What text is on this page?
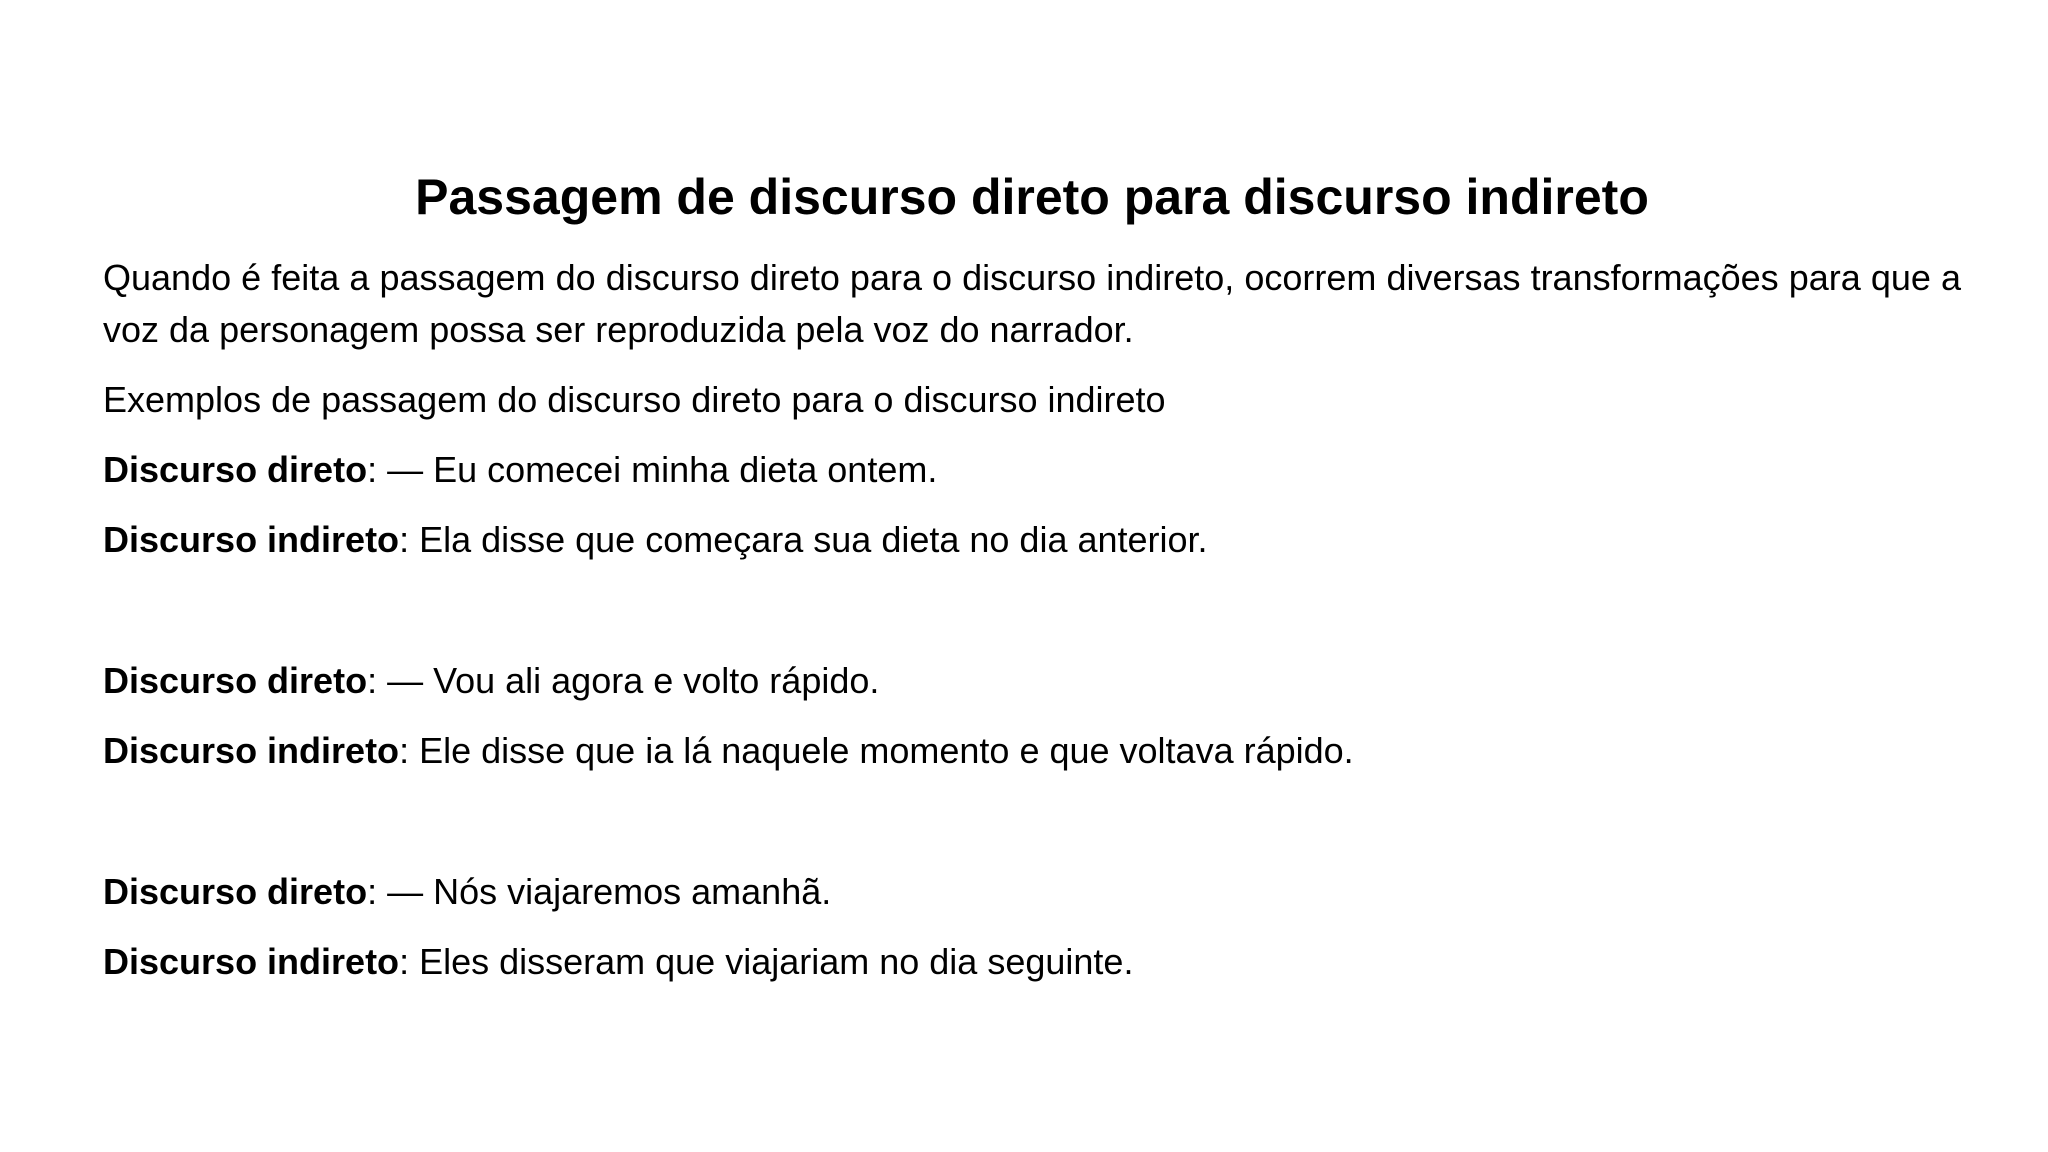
Passagem de discurso direto para discurso indireto

Quando é feita a passagem do discurso direto para o discurso indireto, ocorrem diversas transformações para que a voz da personagem possa ser reproduzida pela voz do narrador.

Exemplos de passagem do discurso direto para o discurso indireto

Discurso direto: — Eu comecei minha dieta ontem.

Discurso indireto: Ela disse que começara sua dieta no dia anterior.

Discurso direto: — Vou ali agora e volto rápido.

Discurso indireto: Ele disse que ia lá naquele momento e que voltava rápido.

Discurso direto: — Nós viajaremos amanhã.

Discurso indireto: Eles disseram que viajariam no dia seguinte.
